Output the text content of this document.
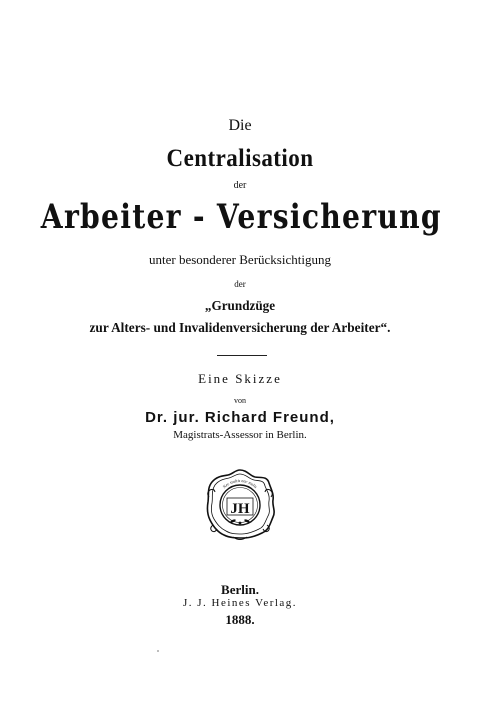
Die
Centralisation
der
Arbeiter - Versicherung
unter besonderer Berücksichtigung
der
„Grundzüge
zur Alters- und Invalidenversicherung der Arbeiter“.
Eine Skizze
von
Dr. jur. Richard Freund,
Magistrats-Assessor in Berlin.
Nec stultis nec malis
JH
Berlin.
J. J. Heines Verlag.
1888.
